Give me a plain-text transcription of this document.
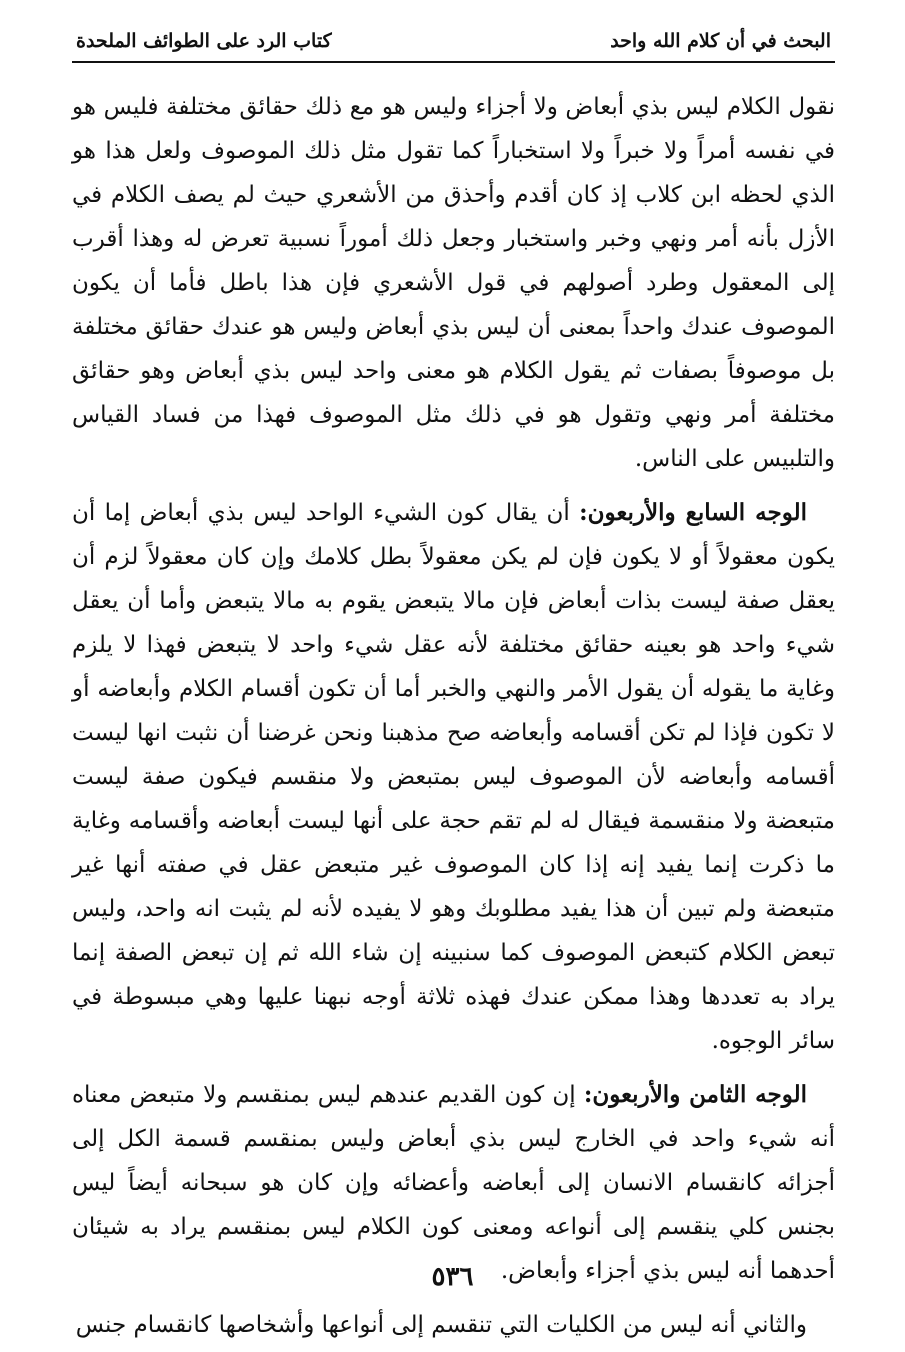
البحث في أن كلام الله واحد
كتاب الرد على الطوائف الملحدة

نقول الكلام ليس بذي أبعاض ولا أجزاء وليس هو مع ذلك حقائق مختلفة فليس هو في نفسه أمراً ولا خبراً ولا استخباراً كما تقول مثل ذلك الموصوف ولعل هذا هو الذي لحظه ابن كلاب إذ كان أقدم وأحذق من الأشعري حيث لم يصف الكلام في الأزل بأنه أمر ونهي وخبر واستخبار وجعل ذلك أموراً نسبية تعرض له وهذا أقرب إلى المعقول وطرد أصولهم في قول الأشعري فإن هذا باطل فأما أن يكون الموصوف عندك واحداً بمعنى أن ليس بذي أبعاض وليس هو عندك حقائق مختلفة بل موصوفاً بصفات ثم يقول الكلام هو معنى واحد ليس بذي أبعاض وهو حقائق مختلفة أمر ونهي وتقول هو في ذلك مثل الموصوف فهذا من فساد القياس والتلبيس على الناس.

الوجه السابع والأربعون: أن يقال كون الشيء الواحد ليس بذي أبعاض إما أن يكون معقولاً أو لا يكون فإن لم يكن معقولاً بطل كلامك وإن كان معقولاً لزم أن يعقل صفة ليست بذات أبعاض فإن مالا يتبعض يقوم به مالا يتبعض وأما أن يعقل شيء واحد هو بعينه حقائق مختلفة لأنه عقل شيء واحد لا يتبعض فهذا لا يلزم وغاية ما يقوله أن يقول الأمر والنهي والخبر أما أن تكون أقسام الكلام وأبعاضه أو لا تكون فإذا لم تكن أقسامه وأبعاضه صح مذهبنا ونحن غرضنا أن نثبت انها ليست أقسامه وأبعاضه لأن الموصوف ليس بمتبعض ولا منقسم فيكون صفة ليست متبعضة ولا منقسمة فيقال له لم تقم حجة على أنها ليست أبعاضه وأقسامه وغاية ما ذكرت إنما يفيد إنه إذا كان الموصوف غير متبعض عقل في صفته أنها غير متبعضة ولم تبين أن هذا يفيد مطلوبك وهو لا يفيده لأنه لم يثبت انه واحد، وليس تبعض الكلام كتبعض الموصوف كما سنبينه إن شاء الله ثم إن تبعض الصفة إنما يراد به تعددها وهذا ممكن عندك فهذه ثلاثة أوجه نبهنا عليها وهي مبسوطة في سائر الوجوه.

الوجه الثامن والأربعون: إن كون القديم عندهم ليس بمنقسم ولا متبعض معناه أنه شيء واحد في الخارج ليس بذي أبعاض وليس بمنقسم قسمة الكل إلى أجزائه كانقسام الانسان إلى أبعاضه وأعضائه وإن كان هو سبحانه أيضاً ليس بجنس كلي ينقسم إلى أنواعه ومعنى كون الكلام ليس بمنقسم يراد به شيئان أحدهما أنه ليس بذي أجزاء وأبعاض.

والثاني أنه ليس من الكليات التي تنقسم إلى أنواعها وأشخاصها كانقسام جنس

٥٣٦
